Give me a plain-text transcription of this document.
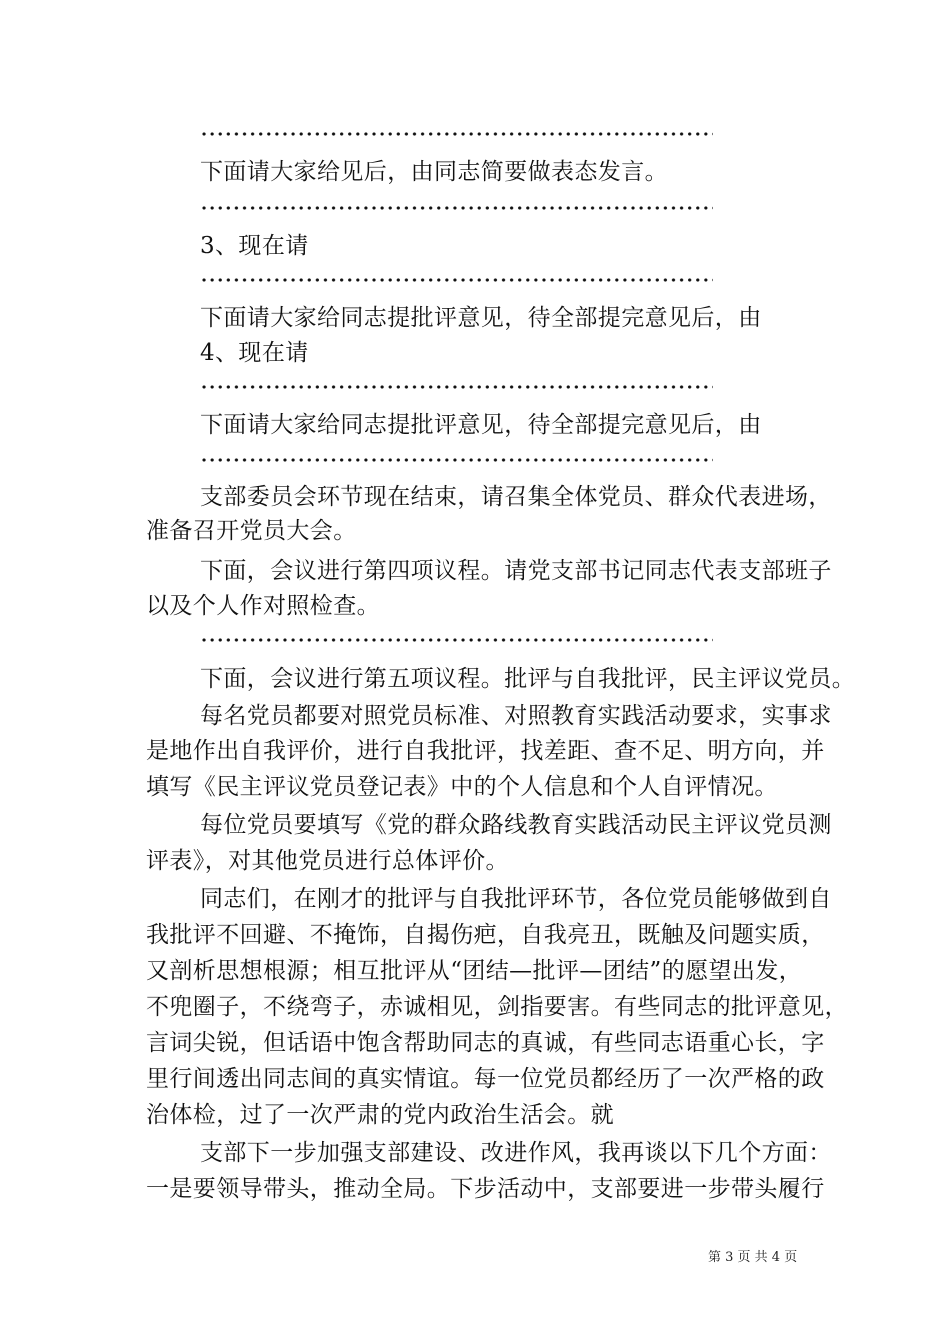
下面请大家给见后，由同志简要做表态发言。
3、现在请
下面请大家给同志提批评意见，待全部提完意见后，由
4、现在请
下面请大家给同志提批评意见，待全部提完意见后，由
支部委员会环节现在结束，请召集全体党员、群众代表进场，
准备召开党员大会。
下面，会议进行第四项议程。请党支部书记同志代表支部班子
以及个人作对照检查。
下面，会议进行第五项议程。批评与自我批评，民主评议党员。
每名党员都要对照党员标准、对照教育实践活动要求，实事求
是地作出自我评价，进行自我批评，找差距、查不足、明方向，并
填写《民主评议党员登记表》中的个人信息和个人自评情况。
每位党员要填写《党的群众路线教育实践活动民主评议党员测
评表》，对其他党员进行总体评价。
同志们，在刚才的批评与自我批评环节，各位党员能够做到自
我批评不回避、不掩饰，自揭伤疤，自我亮丑，既触及问题实质，
又剖析思想根源；相互批评从“团结—批评—团结”的愿望出发，
不兜圈子，不绕弯子，赤诚相见，剑指要害。有些同志的批评意见，
言词尖锐，但话语中饱含帮助同志的真诚，有些同志语重心长，字
里行间透出同志间的真实情谊。每一位党员都经历了一次严格的政
治体检，过了一次严肃的党内政治生活会。就
支部下一步加强支部建设、改进作风，我再谈以下几个方面：
一是要领导带头，推动全局。下步活动中，支部要进一步带头履行
第 3 页 共 4 页
